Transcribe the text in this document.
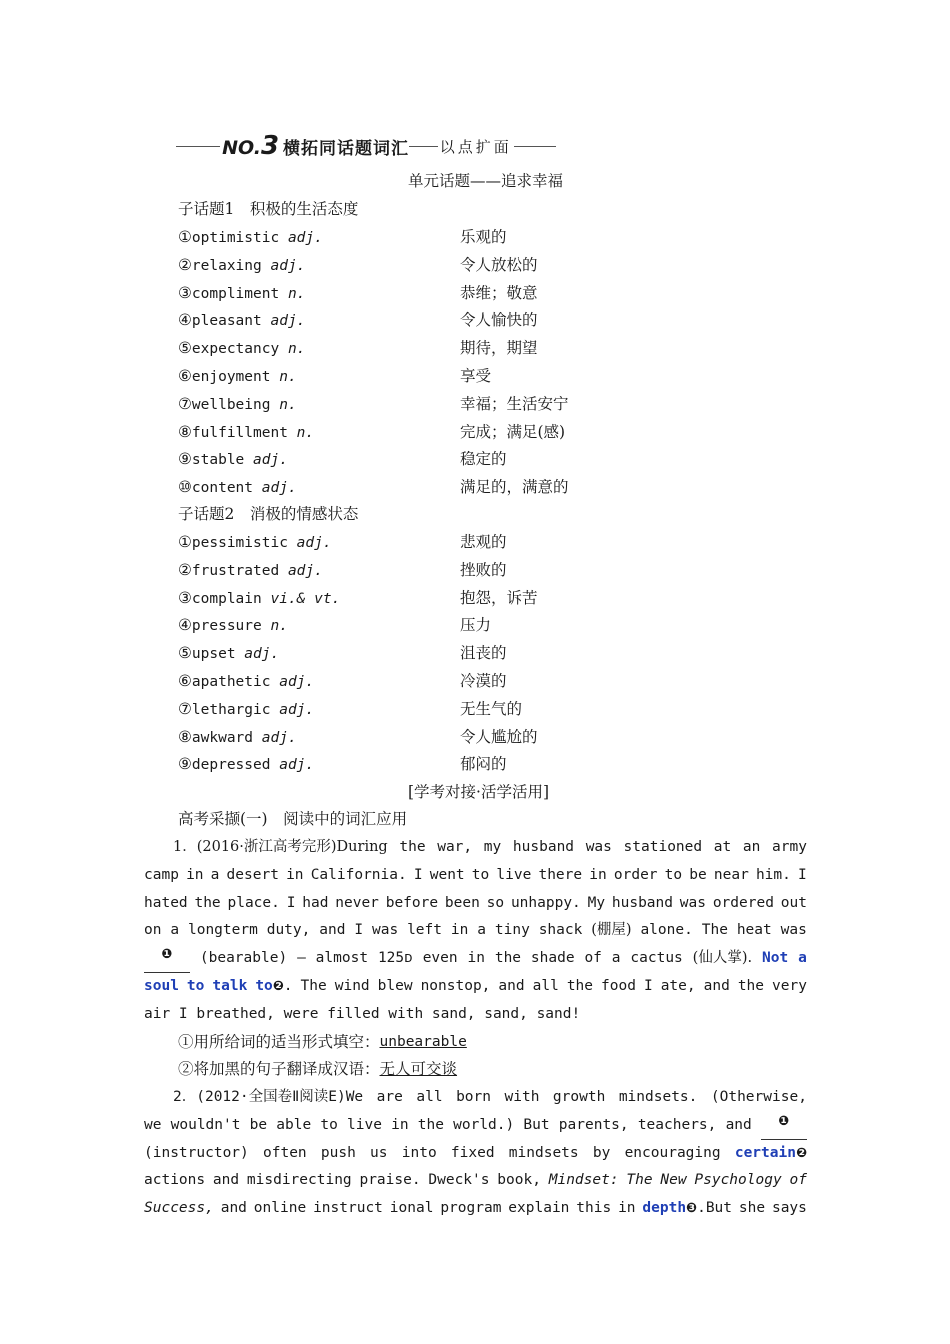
NO.3 横拓同话题词汇 以点扩面
单元话题——追求幸福
子话题1　积极的生活态度
①optimistic adj.	乐观的
②relaxing adj.	令人放松的
③compliment n.	恭维；敬意
④pleasant adj.	令人愉快的
⑤expectancy n.	期待，期望
⑥enjoyment n.	享受
⑦wellbeing n.	幸福；生活安宁
⑧fulfillment n.	完成；满足(感)
⑨stable adj.	稳定的
⑩content adj.	满足的，满意的
子话题2　消极的情感状态
①pessimistic adj.	悲观的
②frustrated adj.	挫败的
③complain vi.& vt.	抱怨，诉苦
④pressure n.	压力
⑤upset adj.	沮丧的
⑥apathetic adj.	冷漠的
⑦lethargic adj.	无生气的
⑧awkward adj.	令人尴尬的
⑨depressed adj.	郁闷的
[学考对接·活学活用]
高考采撷(一)　阅读中的词汇应用
　　1．(2016·浙江高考完形)During the war, my husband was stationed at an army
camp in a desert in California. I went to live there in order to be near him. I
hated the place. I had never before been so unhappy. My husband was ordered out
on a longterm duty, and I was left in a tiny shack (棚屋) alone. The heat was
❶	(bearable) — almost 125ᴅ even in the shade of a cactus (仙人掌). Not a
soul to talk to❷. The wind blew nonstop, and all the food I ate, and the very
air I breathed, were filled with sand, sand, sand!
①用所给词的适当形式填空： unbearable
②将加黑的句子翻译成汉语： 无人可交谈
　　2．(2012·全国卷Ⅱ阅读E)We are all born with growth mindsets. (Otherwise,
we wouldn't be able to live in the world.) But parents, teachers, and	❶
(instructor) often push us into fixed mindsets by encouraging certain❷
actions and misdirecting praise. Dweck's book, Mindset: The New Psychology of
Success, and online instruct ional program explain this in depth❸.But she says
